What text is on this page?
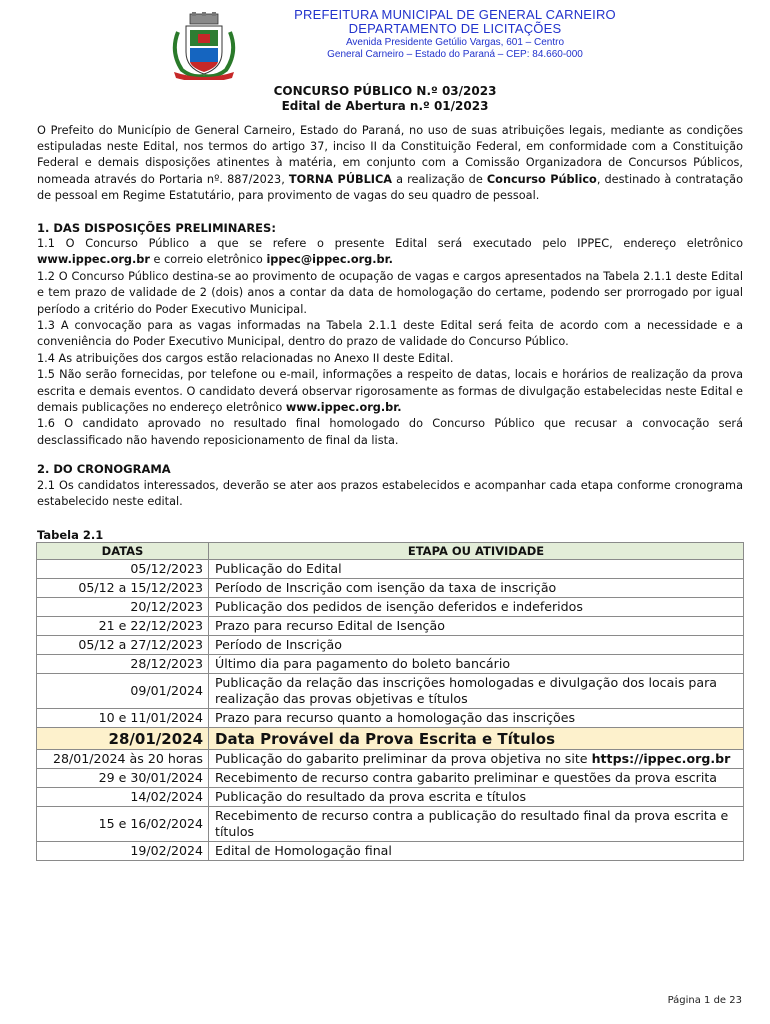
PREFEITURA MUNICIPAL DE GENERAL CARNEIRO
DEPARTAMENTO DE LICITAÇÕES
Avenida Presidente Getúlio Vargas, 601 – Centro
General Carneiro – Estado do Paraná – CEP: 84.660-000
CONCURSO PÚBLICO N.º 03/2023
Edital de Abertura n.º 01/2023
O Prefeito do Município de General Carneiro, Estado do Paraná, no uso de suas atribuições legais, mediante as condições estipuladas neste Edital, nos termos do artigo 37, inciso II da Constituição Federal, em conformidade com a Constituição Federal e demais disposições atinentes à matéria, em conjunto com a Comissão Organizadora de Concursos Públicos, nomeada através do Portaria nº. 887/2023, TORNA PÚBLICA a realização de Concurso Público, destinado à contratação de pessoal em Regime Estatutário, para provimento de vagas do seu quadro de pessoal.
1. DAS DISPOSIÇÕES PRELIMINARES:

1.1 O Concurso Público a que se refere o presente Edital será executado pelo IPPEC, endereço eletrônico www.ippec.org.br e correio eletrônico ippec@ippec.org.br.

1.2 O Concurso Público destina-se ao provimento de ocupação de vagas e cargos apresentados na Tabela 2.1.1 deste Edital e tem prazo de validade de 2 (dois) anos a contar da data de homologação do certame, podendo ser prorrogado por igual período a critério do Poder Executivo Municipal.

1.3 A convocação para as vagas informadas na Tabela 2.1.1 deste Edital será feita de acordo com a necessidade e a conveniência do Poder Executivo Municipal, dentro do prazo de validade do Concurso Público.

1.4 As atribuições dos cargos estão relacionadas no Anexo II deste Edital.

1.5 Não serão fornecidas, por telefone ou e-mail, informações a respeito de datas, locais e horários de realização da prova escrita e demais eventos. O candidato deverá observar rigorosamente as formas de divulgação estabelecidas neste Edital e demais publicações no endereço eletrônico www.ippec.org.br.

1.6 O candidato aprovado no resultado final homologado do Concurso Público que recusar a convocação será desclassificado não havendo reposicionamento de final da lista.

2. DO CRONOGRAMA
2.1 Os candidatos interessados, deverão se ater aos prazos estabelecidos e acompanhar cada etapa conforme cronograma estabelecido neste edital.
Tabela 2.1
DATAS	ETAPA OU ATIVIDADE
05/12/2023	Publicação do Edital
05/12 a 15/12/2023	Período de Inscrição com isenção da taxa de inscrição
20/12/2023	Publicação dos pedidos de isenção deferidos e indeferidos
21 e 22/12/2023	Prazo para recurso Edital de Isenção
05/12 a 27/12/2023	Período de Inscrição
28/12/2023	Último dia para pagamento do boleto bancário
09/01/2024	Publicação da relação das inscrições homologadas e divulgação dos locais para realização das provas objetivas e títulos
10 e 11/01/2024	Prazo para recurso quanto a homologação das inscrições
28/01/2024	Data Provável da Prova Escrita e Títulos
28/01/2024 às 20 horas	Publicação do gabarito preliminar da prova objetiva no site https://ippec.org.br
29 e 30/01/2024	Recebimento de recurso contra gabarito preliminar e questões da prova escrita
14/02/2024	Publicação do resultado da prova escrita e títulos
15 e 16/02/2024	Recebimento de recurso contra a publicação do resultado final da prova escrita e títulos
19/02/2024	Edital de Homologação final
Página 1 de 23
